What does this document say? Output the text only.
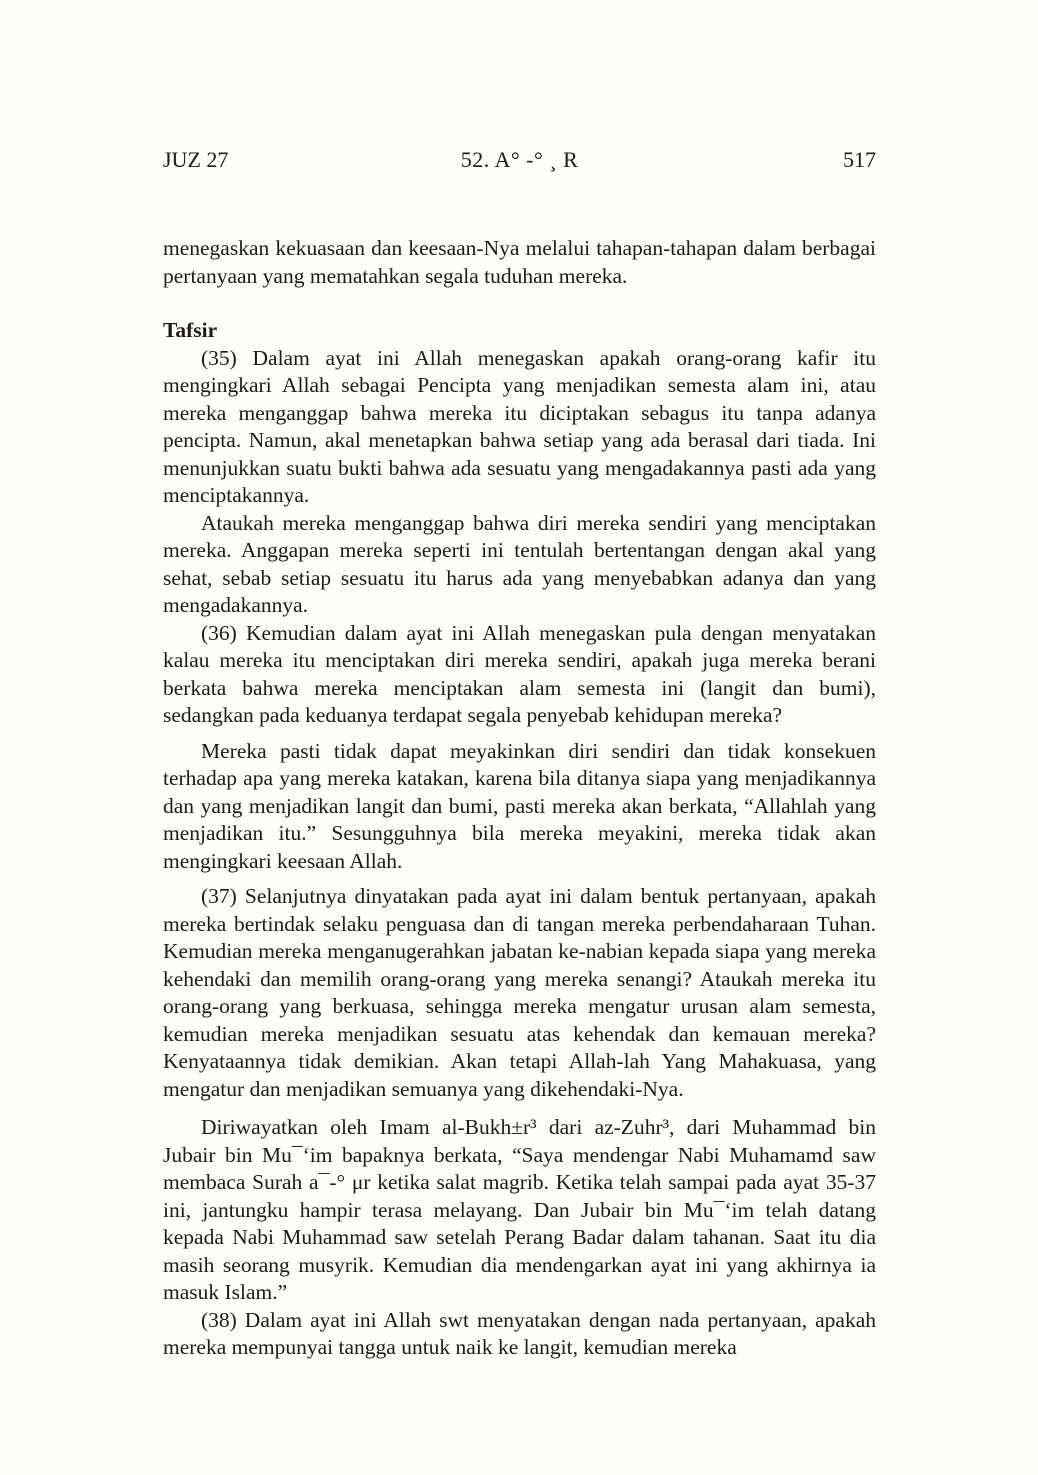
JUZ 27	52. A° -° ¸ R	517

menegaskan kekuasaan dan keesaan-Nya melalui tahapan-tahapan dalam berbagai pertanyaan yang mematahkan segala tuduhan mereka.

Tafsir

(35) Dalam ayat ini Allah menegaskan apakah orang-orang kafir itu mengingkari Allah sebagai Pencipta yang menjadikan semesta alam ini, atau mereka menganggap bahwa mereka itu diciptakan sebagus itu tanpa adanya pencipta. Namun, akal menetapkan bahwa setiap yang ada berasal dari tiada. Ini menunjukkan suatu bukti bahwa ada sesuatu yang mengadakannya pasti ada yang menciptakannya.

Ataukah mereka menganggap bahwa diri mereka sendiri yang menciptakan mereka. Anggapan mereka seperti ini tentulah bertentangan dengan akal yang sehat, sebab setiap sesuatu itu harus ada yang menyebabkan adanya dan yang mengadakannya.

(36) Kemudian dalam ayat ini Allah menegaskan pula dengan menyatakan kalau mereka itu menciptakan diri mereka sendiri, apakah juga mereka berani berkata bahwa mereka menciptakan alam semesta ini (langit dan bumi), sedangkan pada keduanya terdapat segala penyebab kehidupan mereka?

Mereka pasti tidak dapat meyakinkan diri sendiri dan tidak konsekuen terhadap apa yang mereka katakan, karena bila ditanya siapa yang menjadikannya dan yang menjadikan langit dan bumi, pasti mereka akan berkata, “Allahlah yang menjadikan itu.” Sesungguhnya bila mereka meyakini, mereka tidak akan mengingkari keesaan Allah.

(37) Selanjutnya dinyatakan pada ayat ini dalam bentuk pertanyaan, apakah mereka bertindak selaku penguasa dan di tangan mereka perbendaharaan Tuhan. Kemudian mereka menganugerahkan jabatan ke-nabian kepada siapa yang mereka kehendaki dan memilih orang-orang yang mereka senangi? Ataukah mereka itu orang-orang yang berkuasa, sehingga mereka mengatur urusan alam semesta, kemudian mereka menjadikan sesuatu atas kehendak dan kemauan mereka? Kenyataannya tidak demikian. Akan tetapi Allah-lah Yang Mahakuasa, yang mengatur dan menjadikan semuanya yang dikehendaki-Nya.

Diriwayatkan oleh Imam al-Bukh±r³ dari az-Zuhr³, dari Muhammad bin Jubair bin Mu¯‘im bapaknya berkata, “Saya mendengar Nabi Muhamamd saw membaca Surah a¯-° μr ketika salat magrib. Ketika telah sampai pada ayat 35-37 ini, jantungku hampir terasa melayang. Dan Jubair bin Mu¯‘im telah datang kepada Nabi Muhammad saw setelah Perang Badar dalam tahanan. Saat itu dia masih seorang musyrik. Kemudian dia mendengarkan ayat ini yang akhirnya ia masuk Islam.”

(38) Dalam ayat ini Allah swt menyatakan dengan nada pertanyaan, apakah mereka mempunyai tangga untuk naik ke langit, kemudian mereka
